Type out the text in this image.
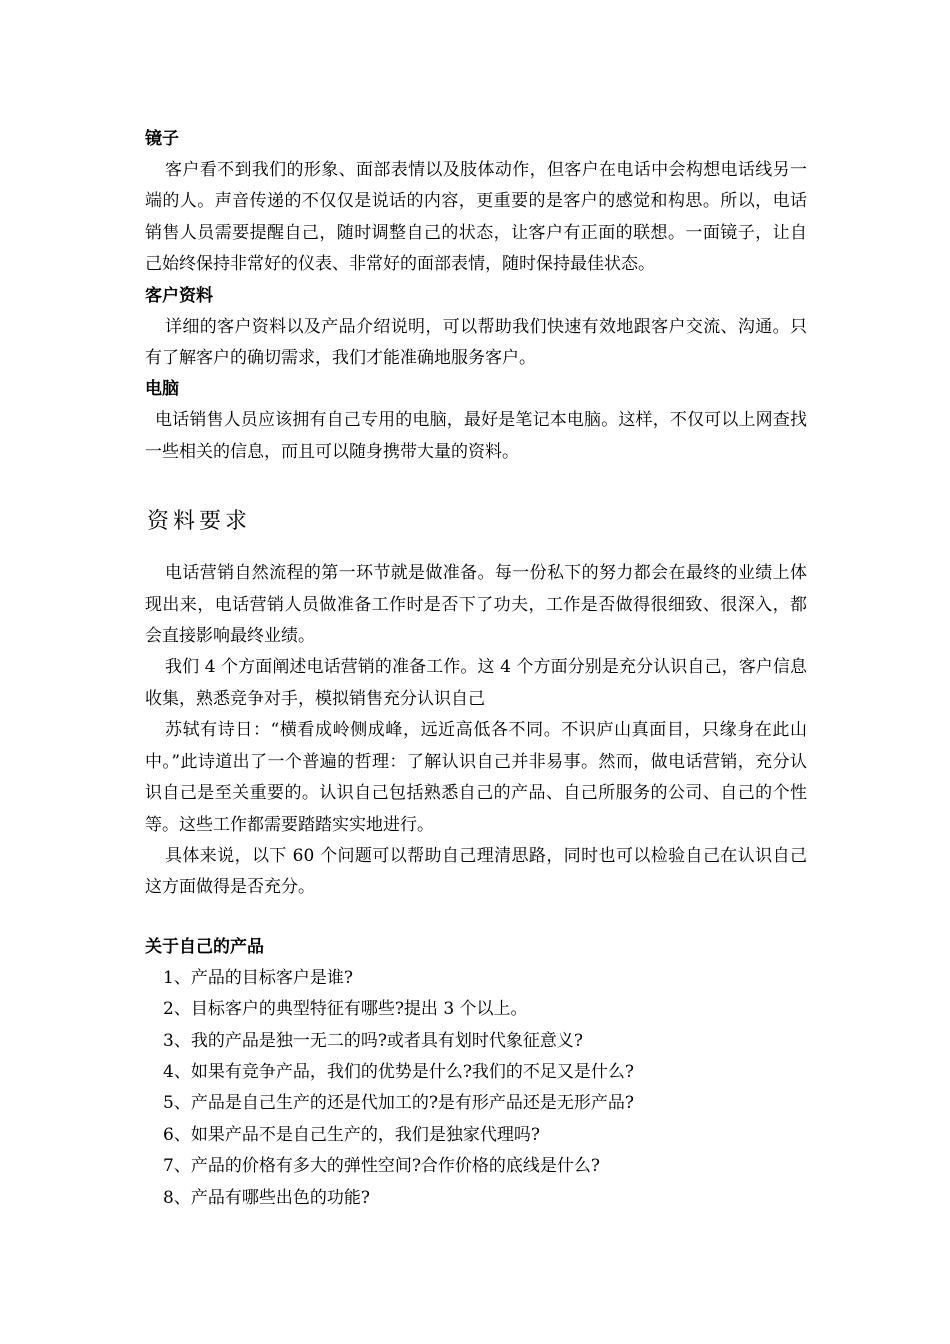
镜子

客户看不到我们的形象、面部表情以及肢体动作，但客户在电话中会构想电话线另一端的人。声音传递的不仅仅是说话的内容，更重要的是客户的感觉和构思。所以，电话销售人员需要提醒自己，随时调整自己的状态，让客户有正面的联想。一面镜子，让自己始终保持非常好的仪表、非常好的面部表情，随时保持最佳状态。

客户资料

详细的客户资料以及产品介绍说明，可以帮助我们快速有效地跟客户交流、沟通。只有了解客户的确切需求，我们才能准确地服务客户。

电脑

电话销售人员应该拥有自己专用的电脑，最好是笔记本电脑。这样，不仅可以上网查找一些相关的信息，而且可以随身携带大量的资料。

资料要求

电话营销自然流程的第一环节就是做准备。每一份私下的努力都会在最终的业绩上体现出来，电话营销人员做准备工作时是否下了功夫，工作是否做得很细致、很深入，都会直接影响最终业绩。

我们 4 个方面阐述电话营销的准备工作。这 4 个方面分别是充分认识自己，客户信息收集，熟悉竞争对手，模拟销售充分认识自己

苏轼有诗日：“横看成岭侧成峰，远近高低各不同。不识庐山真面目，只缘身在此山中。”此诗道出了一个普遍的哲理：了解认识自己并非易事。然而，做电话营销，充分认识自己是至关重要的。认识自己包括熟悉自己的产品、自己所服务的公司、自己的个性等。这些工作都需要踏踏实实地进行。

具体来说，以下 60 个问题可以帮助自己理清思路，同时也可以检验自己在认识自己这方面做得是否充分。

关于自己的产品
1、产品的目标客户是谁?
2、目标客户的典型特征有哪些?提出 3 个以上。
3、我的产品是独一无二的吗?或者具有划时代象征意义?
4、如果有竞争产品，我们的优势是什么?我们的不足又是什么?
5、产品是自己生产的还是代加工的?是有形产品还是无形产品?
6、如果产品不是自己生产的，我们是独家代理吗?
7、产品的价格有多大的弹性空间?合作价格的底线是什么?
8、产品有哪些出色的功能?
